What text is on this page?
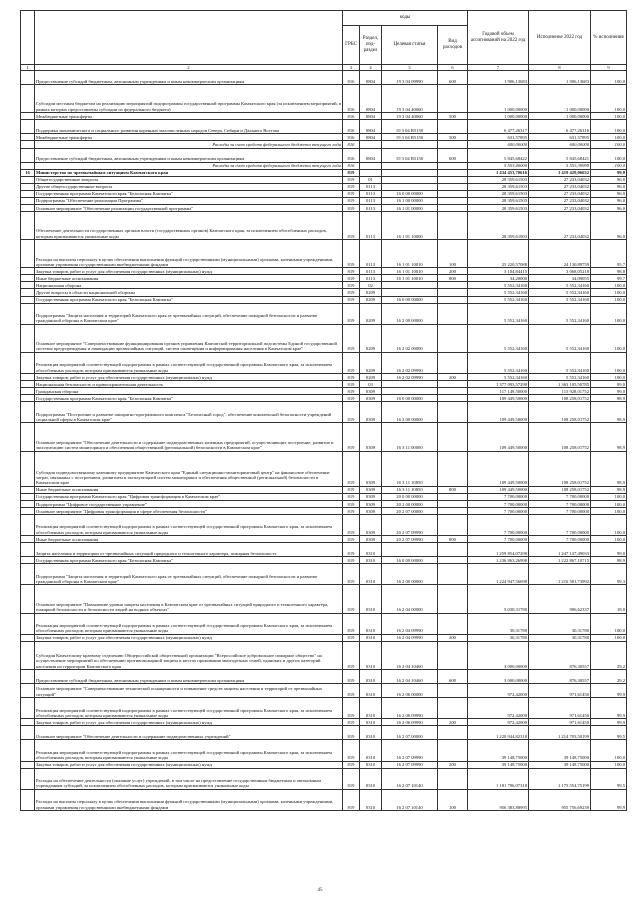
		коды				Годовой объем ассигнований на 2022 год	Исполнение 2022 год	% исполнения
		ГРБС	Раздел, под-раздел	Целевая статья	Вид расходов			
1	2	3	4	5	6	7	8	9
	Предоставление субсидий бюджетным, автономным учреждениям и иным некоммерческим организациям	816	0804	19 3 04 09990	600	1 906,13683	1 906,13683	100,0
	Субсидии местным бюджетам на реализацию мероприятий подпрограммы государственной программы Камчатского края (за исключением мероприятий, в рамках которых предоставлены субсидии из федерального бюджета)	816	0804	19 3 04 40060		1 000,00000	1 000,00000	100,0
	Межбюджетные трансферты	816	0804	19 3 04 40060	500	1 000,00000	1 000,00000	100,0
	Поддержка экономического и социального развития коренных малочисленных народов Севера, Сибири и Дальнего Востока	816	0804	19 3 04 R5150		6 477,26317	6 477,26316	100,0
	Межбюджетные трансферты	816	0804	19 3 04 R5150	500	631,57895	631,57895	100,0
	Расходы за счет средств федерального бюджета текущего года	816				600,00000	600,00000	100,0
	Предоставление субсидий бюджетным, автономным учреждениям и иным некоммерческим организациям	816	0804	19 3 04 R5150	600	5 845,68422	5 845,68421	100,0
	Расходы за счет средств федерального бюджета текущего года	816				5 553,40000	5 553,39999	100,0
16	Министерство по чрезвычайным ситуациям Камчатского края	819				1 434 453,70616	1 419 429,06632	99,0
	Общегосударственные вопросы	819	01			28 359,61503	27 233,04032	96,0
	Другие общегосударственные вопросы	819	0113			28 359,61503	27 233,04032	96,0
	Государственная программа Камчатского края "Безопасная Камчатка"	819	0113	16 0 00 00000		28 359,61503	27 233,04032	96,0
	Подпрограмма "Обеспечение реализации Программы"	819	0113	16 1 00 00000		28 359,61503	27 233,04032	96,0
	Основное мероприятие "Обеспечение реализации государственной программы"	819	0113	16 1 01 00000		28 359,61503	27 233,04032	96,0
	Обеспечение деятельности государственных органов власти (государственных органов) Камчатского края, за исключением обособленных расходов, которым присваиваются уникальные коды	819	0113	16 1 01 10000		28 359,61903	27 233,04032	96,0
	Расходы на выплаты персоналу в целях обеспечения выполнения функций государственными (муниципальными) органами, казенными учреждениями, органами управления государственными внебюджетными фондами	819	0113	16 1 01 10010	100	25 220,57088	24 130,89759	95,7
	Закупка товаров, работ и услуг для обеспечения государственных (муниципальных) нужд	819	0113	16 1 01 10010	200	3 104,84415	3 068,05218	98,8
	Иные бюджетные ассигнования	819	0113	16 1 01 10010	800	34,20000	34,09055	99,7
	Национальная оборона	819	02			5 552,34160	5 552,34160	100,0
	Другие вопросы в области национальной обороны	819	0209			5 552,34160	5 552,34160	100,0
	Государственная программа Камчатского края "Безопасная Камчатка"	819	0209	16 0 00 00000		5 552,34160	5 552,34160	100,0
	Подпрограмма "Защита населения и территорий Камчатского края от чрезвычайных ситуаций, обеспечение пожарной безопасности и развитие гражданской обороны в Камчатском крае"	819	0209	16 2 00 00000		5 552,34160	5 552,34160	100,0
	Основное мероприятие "Совершенствование функционирования органов управления Камчатской территориальной подсистемы Единой государственной системы предупреждения и ликвидации чрезвычайных ситуаций, систем оповещения и информирования населения в Камчатском крае"	819	0209	16 2 02 00000		5 552,34160	5 552,34160	100,0
	Реализация мероприятий соответствующей подпрограммы в рамках соответствующей государственной программы Камчатского края, за исключением обособленных расходов, которым присваиваются уникальные коды	819	0209	16 2 02 09990		5 552,34160	5 552,34160	100,0
	Закупка товаров, работ и услуг для обеспечения государственных (муниципальных) нужд	819	0209	16 2 02 09990	200	5 552,34160	5 552,34160	100,0
	Национальная безопасность и правоохранительная деятельность	819	03			1 377 093,57298	1 363 105,50785	99,0
	Гражданская оборона	819	0309			117 149,50000	115 928,01752	99,0
	Государственная программа Камчатского края "Безопасная Камчатка"	819	0309	16 0 00 00000		109 449,50000	108 258,01752	98,9
	Подпрограмма "Построение и развитие аппаратно-программного комплекса "Безопасный город", обеспечение комплексной безопасности учреждений социальной сферы в Камчатском крае"	819	0309	16 3 00 00000		109 449,50000	108 258,01752	98,9
	Основное мероприятие "Обеспечение деятельности и содержание подведомственных казенных предприятий, осуществляющих построение, развитие и эксплуатацию систем мониторинга и обеспечения общественной (региональной) безопасности в Камчатском крае"	819	0309	16 3 11 00000		109 449,50000	108 258,01752	98,9
	Субсидия подведомственному казенному предприятию Камчатского края "Единый ситуационно-мониторинговый центр" на финансовое обеспечение затрат, связанных с построением, развитием и эксплуатацией систем мониторинга и обеспечения общественной (региональной) безопасности в Камчатском крае	819	0309	16 3 11 10850		109 449,50000	108 258,01752	98,9
	Иные бюджетные ассигнования	819	0309	16 3 11 10850	800	109 449,50000	108 258,01752	98,9
	Государственная программа Камчатского края "Цифровая трансформация в Камчатском крае"	819	0309	20 0 00 00000		7 700,00000	7 700,00000	100,0
	Подпрограмма "Цифровое государственное управление"	819	0309	20 2 00 00000		7 700,00000	7 700,00000	100,0
	Основное мероприятие "Цифровая трансформация в сфере обеспечения безопасности"	819	0309	20 2 07 00000		7 700,00000	7 700,00000	100,0
	Реализация мероприятий соответствующей подпрограммы в рамках соответствующей государственной программы Камчатского края, за исключением обособленных расходов, которым присваиваются уникальные коды	819	0309	20 2 07 09990		7 700,00000	7 700,00000	100,0
	Иные бюджетные ассигнования	819	0309	20 2 07 09990	800	7 700,00000	7 700,00000	100,0
	Защита населения и территории от чрезвычайных ситуаций природного и техногенного характера, пожарная безопасность	819	0310			1 259 854,07298	1 247 147,49033	99,0
	Государственная программа Камчатского края "Безопасная Камчатка"	819	0310	16 0 00 00000		1 236 863,26998	1 222 867,10715	98,9
	Подпрограмма "Защита населения и территорий Камчатского края от чрезвычайных ситуаций, обеспечение пожарной безопасности и развитие гражданской обороны в Камчатском крае"	819	0310	16 2 00 00000		1 224 947,56698	1 216 581,73992	99,3
	Основное мероприятие "Повышение уровня защиты населения в Камчатском крае от чрезвычайных ситуаций природного и техногенного характера, пожарной безопасности и безопасности людей на водных объектах"	819	0310	16 2 04 00000		5 030,31780	906,62337	18,0
	Реализация мероприятий соответствующей подпрограммы в рамках соответствующей государственной программы Камчатского края, за исключением обособленных расходов, которым присваиваются уникальные коды	819	0310	16 2 04 09990		30,31780	30,31780	100,0
	Закупка товаров, работ и услуг для обеспечения государственных (муниципальных) нужд	819	0310	16 2 04 09990	200	30,31780	30,31780	100,0
	Субсидия Камчатскому краевому отделению Общероссийской общественной организации "Всероссийское добровольное пожарное общество" на осуществление мероприятий по обеспечению противопожарной защиты в местах проживания многодетных семей, одиноких и других категорий населения на территории Камчатского края	819	0310	16 2 04 10460		3 000,00000	876,30557	29,2
	Предоставление субсидий бюджетным, автономным учреждениям и иным некоммерческим организациям	819	0310	16 2 04 10460	600	3 000,00000	876,30557	29,2
	Основное мероприятие "Совершенствование технической оснащенности и повышение средств защиты населения и территорий от чрезвычайных ситуаций"	819	0310	16 2 06 00000		972,42000	971,61450	99,9
	Реализация мероприятий соответствующей подпрограммы в рамках соответствующей государственной программы Камчатского края, за исключением обособленных расходов, которым присваиваются уникальные коды	819	0310	16 2 06 09990		972,42000	971,61450	99,9
	Закупка товаров, работ и услуг для обеспечения государственных (муниципальных) нужд	819	0310	16 2 06 09990	200	972,42000	971,61450	99,9
	Основное мероприятие "Обеспечение деятельности и содержание подведомственных учреждений"	819	0310	16 2 07 00000		1 220 944,82318	1 214 703,50199	99,5
	Реализация мероприятий соответствующей подпрограммы в рамках соответствующей государственной программы Камчатского края, за исключением обособленных расходов, которым присваиваются уникальные коды	819	0310	16 2 07 09990		39 148,75000	39 148,75000	100,0
	Закупка товаров, работ и услуг для обеспечения государственных (муниципальных) нужд	819	0310	16 2 07 09990	200	39 148,75000	39 148,75000	100,0
	Расходы на обеспечение деятельности (оказание услуг) учреждений, в том числе на предоставление государственным бюджетным и автономным учреждениям субсидий, за исключением обособленных расходов, которым присваиваются уникальные коды	819	0310	16 2 07 10140		1 181 796,07318	1 175 554,75199	99,5
	Расходы на выплаты персоналу в целях обеспечения выполнения функций государственными (муниципальными) органами, казенными учреждениями, органами управления государственными внебюджетными фондами	819	0310	16 2 07 10140	100	956 383,88995	955 756,69239	99,9
45
